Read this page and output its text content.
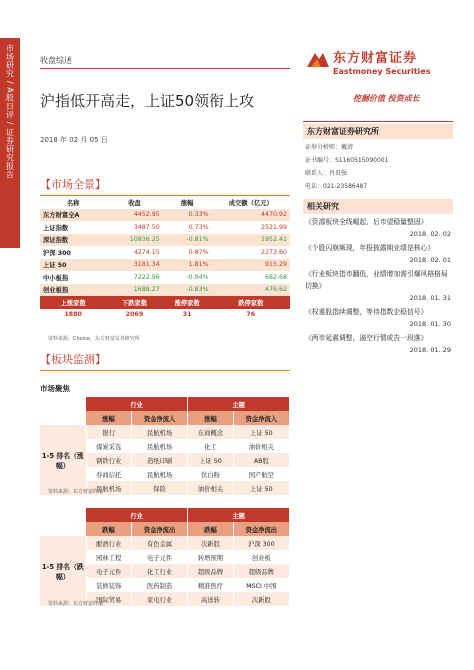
市场研究 / A股日评 / 证券研究报告	收盘综述
沪指低开高走，上证50领衔上攻
2018 年 02 月 05 日
东方财富证券
Eastmoney Securities
挖掘价值 投资成长
东方财富证券研究所
证券分析师：戴清
证书编号：S1160515090001
联系人：肖贵强
电话：021-23586487
相关研究
《资源板块全线崛起，后市望稳量整固》
2018. 02. 02
《个股闪崩频现，年报披露期业绩是核心》
2018. 02. 01
《行业板块指市翻低，业绩增加需引爆风格格局切换》
2018. 01. 31
《权重股指续调整，等待指数企稳信号》
2018. 01. 30
《两市延震调整，逼空行情或告一段落》
2018. 01. 29
【市场全景】
名称	收盘	涨幅	成交额（亿元）
东方财富全A	4452.95	0.33%	4470.92
上证指数	3487.50	0.73%	2521.99
深证指数	10836.25	-0.81%	1952.41
沪深 300	4274.15	0.87%	2173.60
上证 50	3181.34	1.81%	915.29
中小板指	7222.96	-0.94%	682.68
创业板指	1688.27	-0.83%	476.62
上涨家数	下跌家数	涨停家数	跌停家数
1880	2069	31	76
资料来源：Choice，东方财富证券研究所
【板块监测】
市场聚焦
	行业		主题	
	涨幅	资金净流入	涨幅	资金净流入
1-5 排名（涨幅）	银行	民航机场	东商概念	上证 50
	煤炭采选	民航机场	化工	油价相关
	钢铁行业	造纸印刷	上证 50	AB股
	券商信托	民航机场	钛白粉	国产航空
	民航机场	保险	油价相关	上证 50
资料来源：东方财富终端
	行业		主题	
	跌幅	资金净流出	跌幅	资金净流出
1-5 排名（跌幅）	酿酒行业	有色金属	次新股	沪深 300
	园林工程	电子元件	转增预期	创业板
	电子元件	化工行业	超级品牌	超级品牌
	装修装饰	医药制造	精准医疗	MSCI 中国
	国际贸易	家电行业	高送转	次新股
资料来源：东方财富终端
